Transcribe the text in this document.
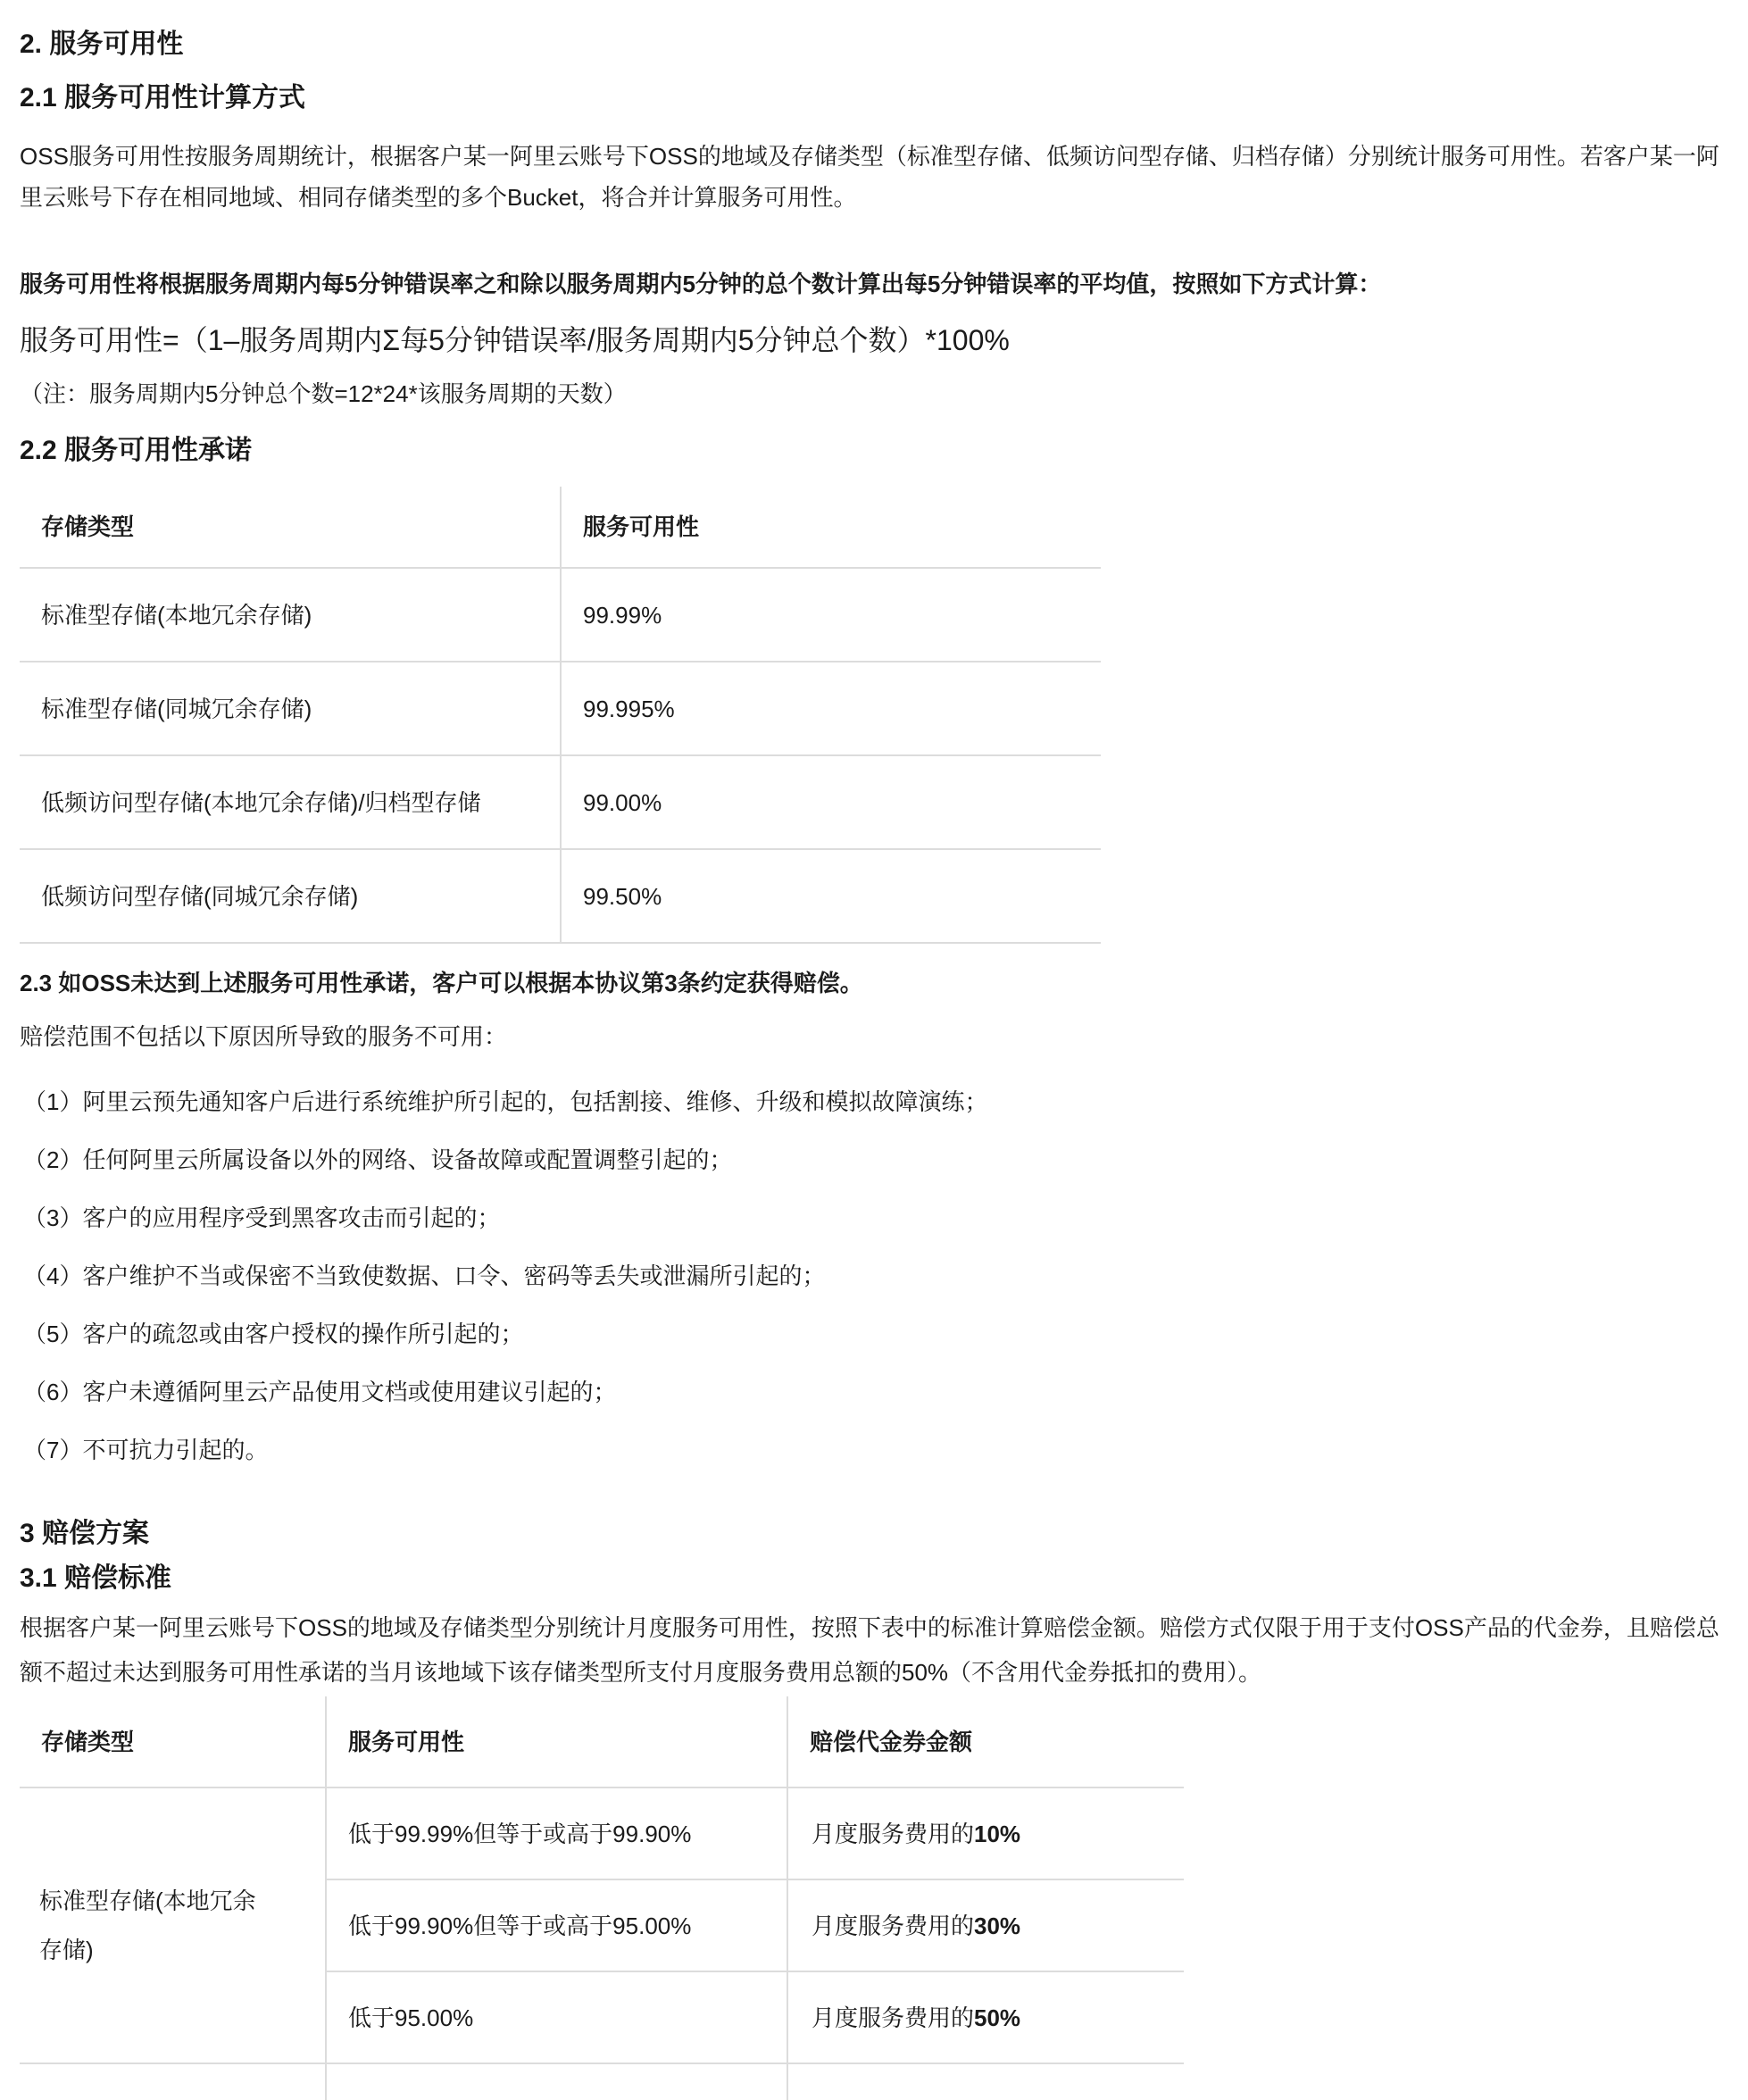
2. 服务可用性
2.1 服务可用性计算方式

OSS服务可用性按服务周期统计，根据客户某一阿里云账号下OSS的地域及存储类型（标准型存储、低频访问型存储、归档存储）分别统计服务可用性。若客户某一阿里云账号下存在相同地域、相同存储类型的多个Bucket，将合并计算服务可用性。

服务可用性将根据服务周期内每5分钟错误率之和除以服务周期内5分钟的总个数计算出每5分钟错误率的平均值，按照如下方式计算：

服务可用性=（1–服务周期内Σ每5分钟错误率/服务周期内5分钟总个数）*100%

（注：服务周期内5分钟总个数=12*24*该服务周期的天数）

2.2 服务可用性承诺
存储类型	服务可用性
标准型存储(本地冗余存储)	99.99%
标准型存储(同城冗余存储)	99.995%
低频访问型存储(本地冗余存储)/归档型存储	99.00%
低频访问型存储(同城冗余存储)	99.50%

2.3 如OSS未达到上述服务可用性承诺，客户可以根据本协议第3条约定获得赔偿。

赔偿范围不包括以下原因所导致的服务不可用：

（1）阿里云预先通知客户后进行系统维护所引起的，包括割接、维修、升级和模拟故障演练；

（2）任何阿里云所属设备以外的网络、设备故障或配置调整引起的；

（3）客户的应用程序受到黑客攻击而引起的；

（4）客户维护不当或保密不当致使数据、口令、密码等丢失或泄漏所引起的；

（5）客户的疏忽或由客户授权的操作所引起的；

（6）客户未遵循阿里云产品使用文档或使用建议引起的；

（7）不可抗力引起的。

3 赔偿方案
3.1 赔偿标准

根据客户某一阿里云账号下OSS的地域及存储类型分别统计月度服务可用性，按照下表中的标准计算赔偿金额。赔偿方式仅限于用于支付OSS产品的代金券，且赔偿总额不超过未达到服务可用性承诺的当月该地域下该存储类型所支付月度服务费用总额的50%（不含用代金券抵扣的费用）。

存储类型	服务可用性	赔偿代金券金额
标准型存储(本地冗余存储)	低于99.99%但等于或高于99.90%	月度服务费用的10%
	低于99.90%但等于或高于95.00%	月度服务费用的30%
	低于95.00%	月度服务费用的50%
